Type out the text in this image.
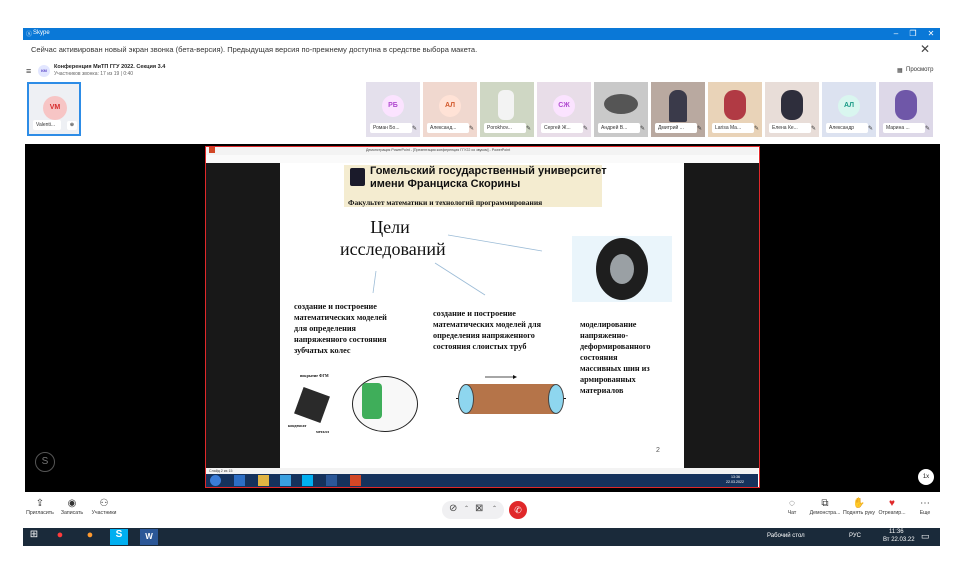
Ⓢ Skype	–	❐	✕
Сейчас активирован новый экран звонка (бета-версия). Предыдущая версия по-прежнему доступна в средстве выбора макета.	✕
≡	КМ
Конференция МиТП ГГУ 2022. Секция 3.4
Участников звонка: 17 из 19 | 0:40	▦ Просмотр
VM
Valenti...	⊕
РБ
Роман Бо...	✎
АЛ
Александ...	✎	Porokhov...	✎
СЖ
Сергей Ж...	✎	Андрей В...	✎	Дмитрий ...	✎	Larisa Ma...	✎	Елена Ке...	✎
АЛ
Александр	✎	Марина ...	✎
S
1x
Демонстрация PowerPoint - [Презентация конференция ГГУ22 со звуком] - PowerPoint
Слайд 2 из 15
13:36
22.03.2022
Гомельский государственный университет
имени Франциска Скорины
Факультет математики и технологий программирования
Цели
исследований
создание и построение
математических моделей
для определения
напряженного состояния
зубчатых колес
создание и построение
математических моделей для
определения напряженного
состояния слоистых труб
моделирование
напряженно-
деформированного
состояния
массивных шин из
армированных
материалов
покрытие ФГМ
конденсат
металл
2
⇪
Пригласить
◉
Записать
⚇
Участники	⊘ ⌃ ⊠ ⌃	✆
◌
Чат
⧉
Демонстра...
✋
Поднять руку
♥
Отреагир...
⋯
Еще
⊞	●	●	S	W	Рабочий стол	РУС
11:36
Вт 22.03.22 ▭
